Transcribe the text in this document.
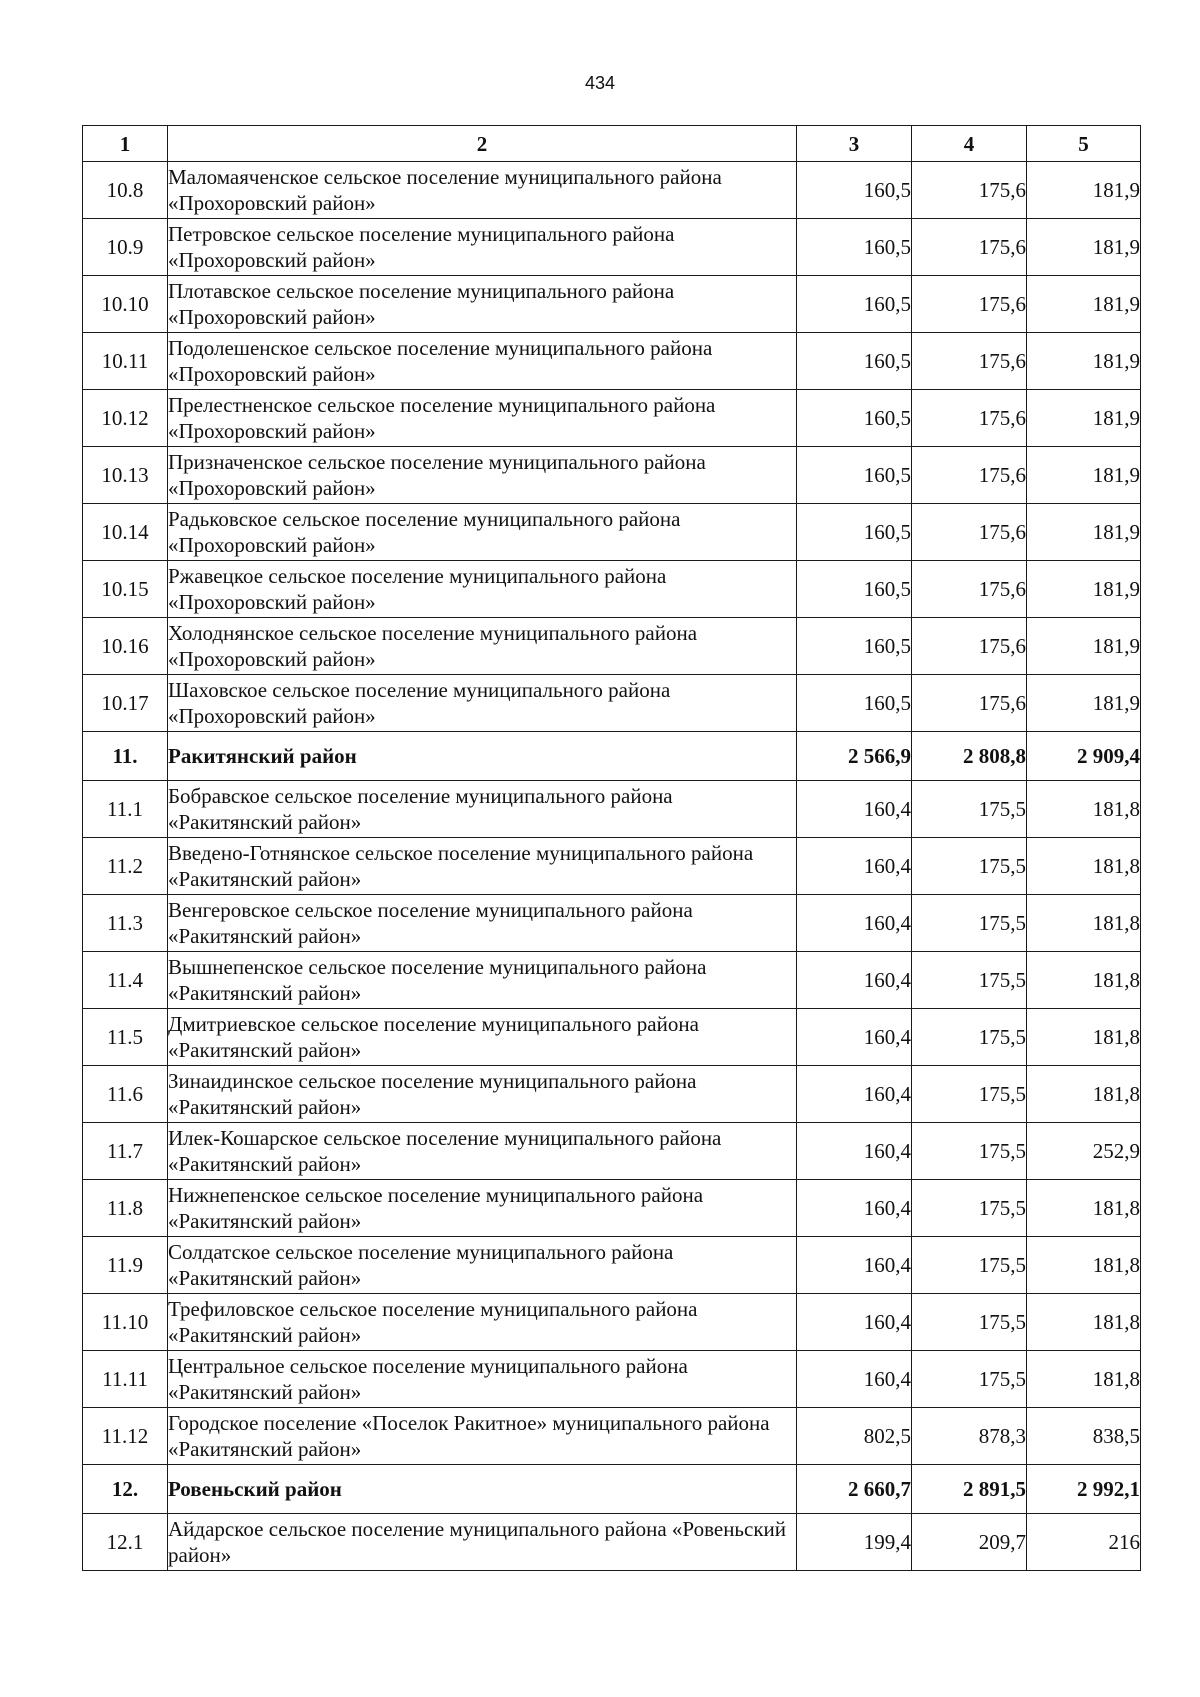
434
1	2	3	4	5
10.8	Маломаяченское сельское поселение муниципального района «Прохоровский район»	160,5	175,6	181,9
10.9	Петровское сельское поселение муниципального района «Прохоровский район»	160,5	175,6	181,9
10.10	Плотавское сельское поселение муниципального района «Прохоровский район»	160,5	175,6	181,9
10.11	Подолешенское сельское поселение муниципального района «Прохоровский район»	160,5	175,6	181,9
10.12	Прелестненское сельское поселение муниципального района «Прохоровский район»	160,5	175,6	181,9
10.13	Призначенское сельское поселение муниципального района «Прохоровский район»	160,5	175,6	181,9
10.14	Радьковское сельское поселение муниципального района «Прохоровский район»	160,5	175,6	181,9
10.15	Ржавецкое сельское поселение муниципального района «Прохоровский район»	160,5	175,6	181,9
10.16	Холоднянское сельское поселение муниципального района «Прохоровский район»	160,5	175,6	181,9
10.17	Шаховское сельское поселение муниципального района «Прохоровский район»	160,5	175,6	181,9
11.	Ракитянский район	2 566,9	2 808,8	2 909,4
11.1	Бобравское сельское поселение муниципального района «Ракитянский район»	160,4	175,5	181,8
11.2	Введено-Готнянское сельское поселение муниципального района «Ракитянский район»	160,4	175,5	181,8
11.3	Венгеровское сельское поселение муниципального района «Ракитянский район»	160,4	175,5	181,8
11.4	Вышнепенское сельское поселение муниципального района «Ракитянский район»	160,4	175,5	181,8
11.5	Дмитриевское сельское поселение муниципального района «Ракитянский район»	160,4	175,5	181,8
11.6	Зинаидинское сельское поселение муниципального района «Ракитянский район»	160,4	175,5	181,8
11.7	Илек-Кошарское сельское поселение муниципального района «Ракитянский район»	160,4	175,5	252,9
11.8	Нижнепенское сельское поселение муниципального района «Ракитянский район»	160,4	175,5	181,8
11.9	Солдатское сельское поселение муниципального района «Ракитянский район»	160,4	175,5	181,8
11.10	Трефиловское сельское поселение муниципального района «Ракитянский район»	160,4	175,5	181,8
11.11	Центральное сельское поселение муниципального района «Ракитянский район»	160,4	175,5	181,8
11.12	Городское поселение «Поселок Ракитное» муниципального района «Ракитянский район»	802,5	878,3	838,5
12.	Ровеньский район	2 660,7	2 891,5	2 992,1
12.1	Айдарское сельское поселение муниципального района «Ровеньский район»	199,4	209,7	216
